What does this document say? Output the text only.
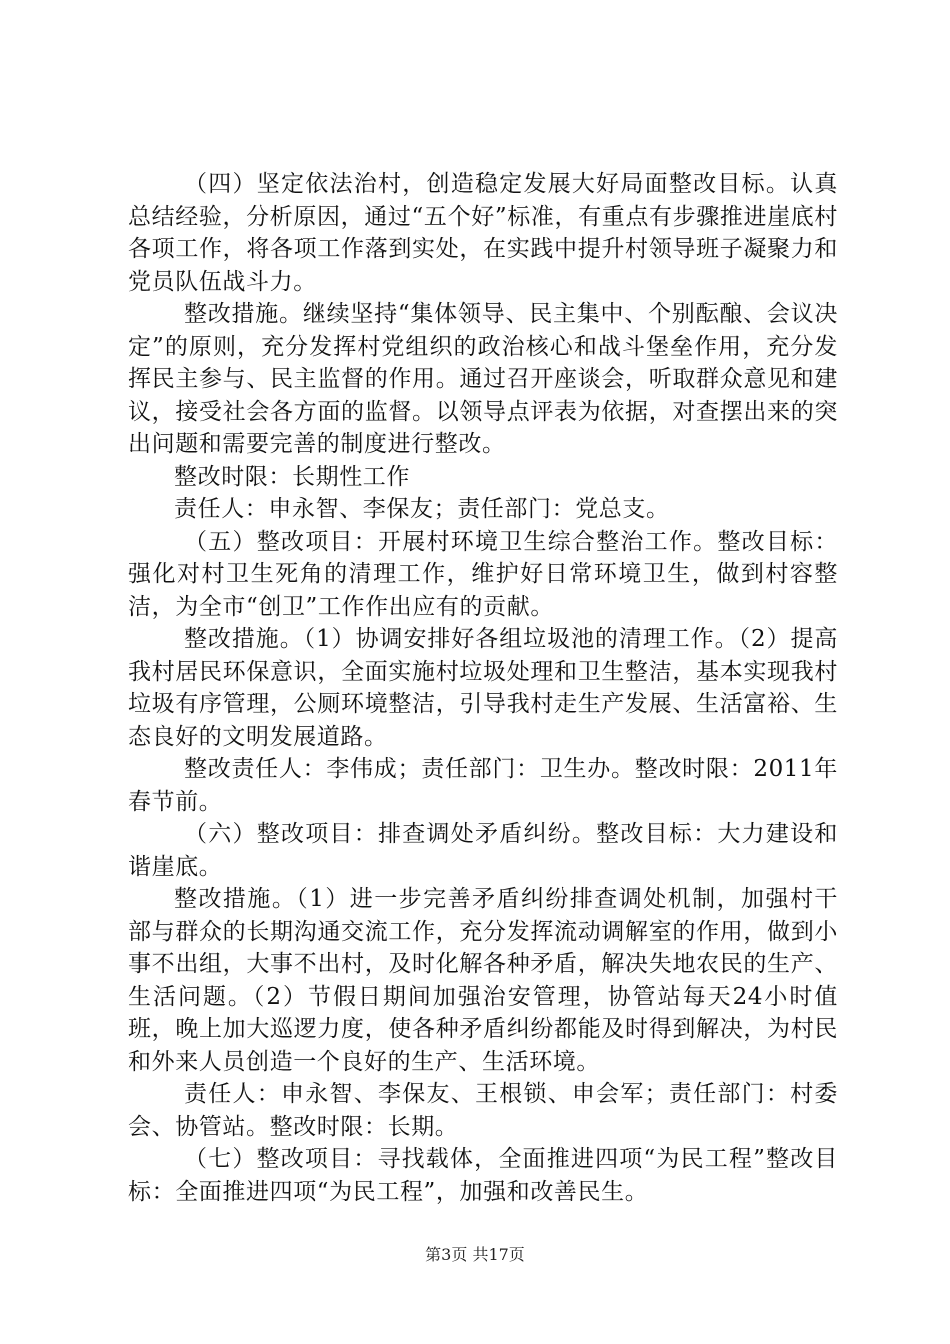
（四）坚定依法治村，创造稳定发展大好局面整改目标。认真总结经验，分析原因，通过“五个好”标准，有重点有步骤推进崖底村各项工作，将各项工作落到实处，在实践中提升村领导班子凝聚力和党员队伍战斗力。

整改措施。继续坚持“集体领导、民主集中、个别酝酿、会议决定”的原则，充分发挥村党组织的政治核心和战斗堡垒作用，充分发挥民主参与、民主监督的作用。通过召开座谈会，听取群众意见和建议，接受社会各方面的监督。以领导点评表为依据，对查摆出来的突出问题和需要完善的制度进行整改。

整改时限：长期性工作

责任人：申永智、李保友；责任部门：党总支。

（五）整改项目：开展村环境卫生综合整治工作。整改目标：强化对村卫生死角的清理工作，维护好日常环境卫生，做到村容整洁，为全市“创卫”工作作出应有的贡献。

整改措施。（1）协调安排好各组垃圾池的清理工作。（2）提高我村居民环保意识，全面实施村垃圾处理和卫生整洁，基本实现我村垃圾有序管理，公厕环境整洁，引导我村走生产发展、生活富裕、生态良好的文明发展道路。

整改责任人：李伟成；责任部门：卫生办。整改时限：2011年春节前。

（六）整改项目：排查调处矛盾纠纷。整改目标：大力建设和谐崖底。

整改措施。（1）进一步完善矛盾纠纷排查调处机制，加强村干部与群众的长期沟通交流工作，充分发挥流动调解室的作用，做到小事不出组，大事不出村，及时化解各种矛盾，解决失地农民的生产、生活问题。（2）节假日期间加强治安管理，协管站每天24小时值班，晚上加大巡逻力度，使各种矛盾纠纷都能及时得到解决，为村民和外来人员创造一个良好的生产、生活环境。

责任人：申永智、李保友、王根锁、申会军；责任部门：村委会、协管站。整改时限：长期。

（七）整改项目：寻找载体，全面推进四项“为民工程”整改目标：全面推进四项“为民工程”，加强和改善民生。

第3页 共17页
